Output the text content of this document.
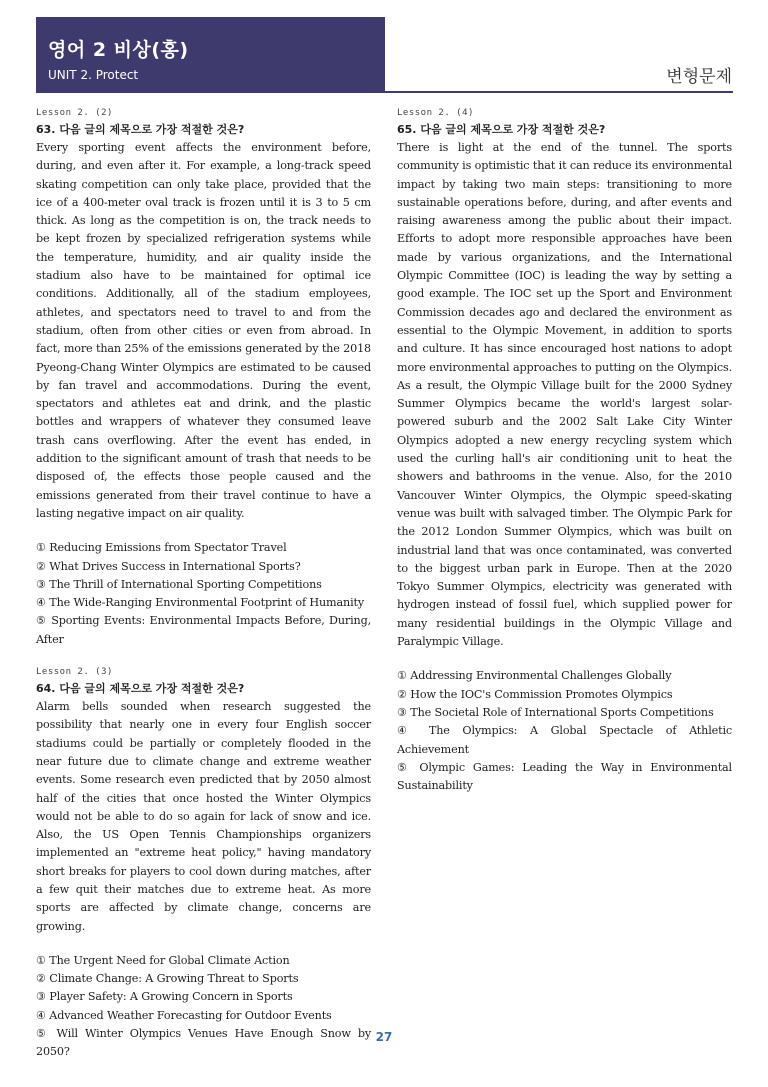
영어 2 비상(홍)
UNIT 2. Protect	변형문제
Lesson 2. (2)
63. 다음 글의 제목으로 가장 적절한 것은?

Every sporting event affects the environment before, during, and even after it. For example, a long-track speed skating competition can only take place, provided that the ice of a 400-meter oval track is frozen until it is 3 to 5 cm thick. As long as the competition is on, the track needs to be kept frozen by specialized refrigeration systems while the temperature, humidity, and air quality inside the stadium also have to be maintained for optimal ice conditions. Additionally, all of the stadium employees, athletes, and spectators need to travel to and from the stadium, often from other cities or even from abroad. In fact, more than 25% of the emissions generated by the 2018 Pyeong-Chang Winter Olympics are estimated to be caused by fan travel and accommodations. During the event, spectators and athletes eat and drink, and the plastic bottles and wrappers of whatever they consumed leave trash cans overflowing. After the event has ended, in addition to the significant amount of trash that needs to be disposed of, the effects those people caused and the emissions generated from their travel continue to have a lasting negative impact on air quality.

① Reducing Emissions from Spectator Travel
② What Drives Success in International Sports?
③ The Thrill of International Sporting Competitions
④ The Wide-Ranging Environmental Footprint of Humanity
⑤ Sporting Events: Environmental Impacts Before, During, After
Lesson 2. (3)
64. 다음 글의 제목으로 가장 적절한 것은?

Alarm bells sounded when research suggested the possibility that nearly one in every four English soccer stadiums could be partially or completely flooded in the near future due to climate change and extreme weather events. Some research even predicted that by 2050 almost half of the cities that once hosted the Winter Olympics would not be able to do so again for lack of snow and ice. Also, the US Open Tennis Championships organizers implemented an "extreme heat policy," having mandatory short breaks for players to cool down during matches, after a few quit their matches due to extreme heat. As more sports are affected by climate change, concerns are growing.

① The Urgent Need for Global Climate Action
② Climate Change: A Growing Threat to Sports
③ Player Safety: A Growing Concern in Sports
④ Advanced Weather Forecasting for Outdoor Events
⑤ Will Winter Olympics Venues Have Enough Snow by 2050?
Lesson 2. (4)
65. 다음 글의 제목으로 가장 적절한 것은?

There is light at the end of the tunnel. The sports community is optimistic that it can reduce its environmental impact by taking two main steps: transitioning to more sustainable operations before, during, and after events and raising awareness among the public about their impact. Efforts to adopt more responsible approaches have been made by various organizations, and the International Olympic Committee (IOC) is leading the way by setting a good example. The IOC set up the Sport and Environment Commission decades ago and declared the environment as essential to the Olympic Movement, in addition to sports and culture. It has since encouraged host nations to adopt more environmental approaches to putting on the Olympics. As a result, the Olympic Village built for the 2000 Sydney Summer Olympics became the world's largest solar-powered suburb and the 2002 Salt Lake City Winter Olympics adopted a new energy recycling system which used the curling hall's air conditioning unit to heat the showers and bathrooms in the venue. Also, for the 2010 Vancouver Winter Olympics, the Olympic speed-skating venue was built with salvaged timber. The Olympic Park for the 2012 London Summer Olympics, which was built on industrial land that was once contaminated, was converted to the biggest urban park in Europe. Then at the 2020 Tokyo Summer Olympics, electricity was generated with hydrogen instead of fossil fuel, which supplied power for many residential buildings in the Olympic Village and Paralympic Village.

① Addressing Environmental Challenges Globally
② How the IOC's Commission Promotes Olympics
③ The Societal Role of International Sports Competitions
④ The Olympics: A Global Spectacle of Athletic Achievement
⑤ Olympic Games: Leading the Way in Environmental Sustainability
27
